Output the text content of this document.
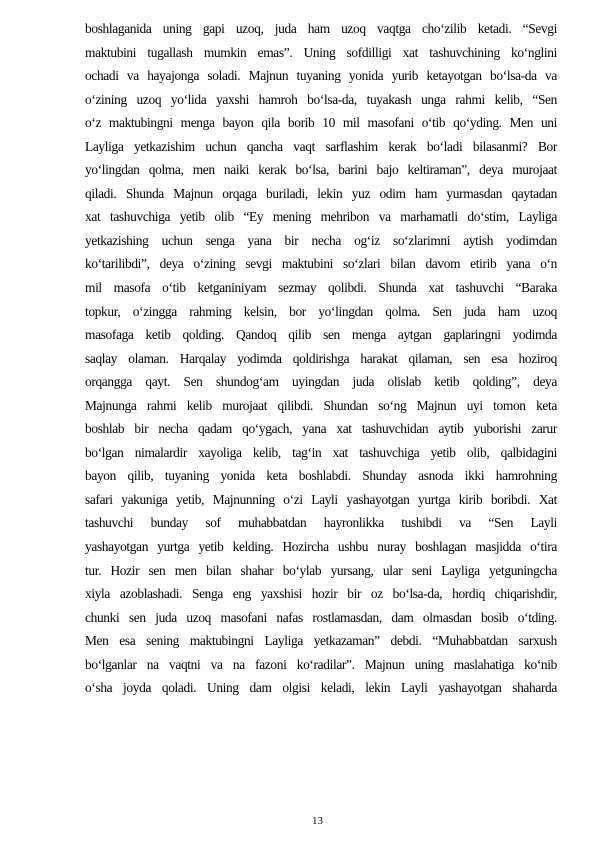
boshlaganida uning gapi uzoq, juda ham uzoq vaqtga cho‘zilib ketadi. “Sevgi
maktubini tugallash mumkin emas”. Uning sofdilligi xat tashuvchining ko‘nglini
ochadi va hayajonga soladi. Majnun tuyaning yonida yurib ketayotgan bo‘lsa-da va
o‘zining uzoq yo‘lida yaxshi hamroh bo‘lsa-da, tuyakash unga rahmi kelib, “Sen
o‘z maktubingni menga bayon qila borib 10 mil masofani o‘tib qo‘yding. Men uni
Layliga yetkazishim uchun qancha vaqt sarflashim kerak bo‘ladi bilasanmi? Bor
yo‘lingdan qolma, men naiki kerak bo‘lsa, barini bajo keltiraman”, deya murojaat
qiladi. Shunda Majnun orqaga buriladi, lekin yuz odim ham yurmasdan qaytadan
xat tashuvchiga yetib olib “Ey mening mehribon va marhamatli do‘stim, Layliga
yetkazishing uchun senga yana bir necha og‘iz so‘zlarimni aytish yodimdan
ko‘tarilibdi”, deya o‘zining sevgi maktubini so‘zlari bilan davom etirib yana o‘n
mil masofa o‘tib ketganiniyam sezmay qolibdi. Shunda xat tashuvchi “Baraka
topkur, o‘zingga rahming kelsin, bor yo‘lingdan qolma. Sen juda ham uzoq
masofaga ketib qolding. Qandoq qilib sen menga aytgan gaplaringni yodimda
saqlay olaman. Harqalay yodimda qoldirishga harakat qilaman, sen esa hoziroq
orqangga qayt. Sen shundog‘am uyingdan juda olislab ketib qolding”, deya
Majnunga rahmi kelib murojaat qilibdi. Shundan so‘ng Majnun uyi tomon keta
boshlab bir necha qadam qo‘ygach, yana xat tashuvchidan aytib yuborishi zarur
bo‘lgan nimalardir xayoliga kelib, tag‘in xat tashuvchiga yetib olib, qalbidagini
bayon qilib, tuyaning yonida keta boshlabdi. Shunday asnoda ikki hamrohning
safari yakuniga yetib, Majnunning o‘zi Layli yashayotgan yurtga kirib boribdi. Xat
tashuvchi bunday sof muhabbatdan hayronlikka tushibdi va “Sen Layli
yashayotgan yurtga yetib kelding. Hozircha ushbu nuray boshlagan masjidda o‘tira
tur. Hozir sen men bilan shahar bo‘ylab yursang, ular seni Layliga yetguningcha
xiyla azoblashadi. Senga eng yaxshisi hozir bir oz bo‘lsa-da, hordiq chiqarishdir,
chunki sen juda uzoq masofani nafas rostlamasdan, dam olmasdan bosib o‘tding.
Men esa sening maktubingni Layliga yetkazaman” debdi. “Muhabbatdan sarxush
bo‘lganlar na vaqtni va na fazoni ko‘radilar”. Majnun uning maslahatiga ko‘nib
o‘sha joyda qoladi. Uning dam olgisi keladi, lekin Layli yashayotgan shaharda

13
